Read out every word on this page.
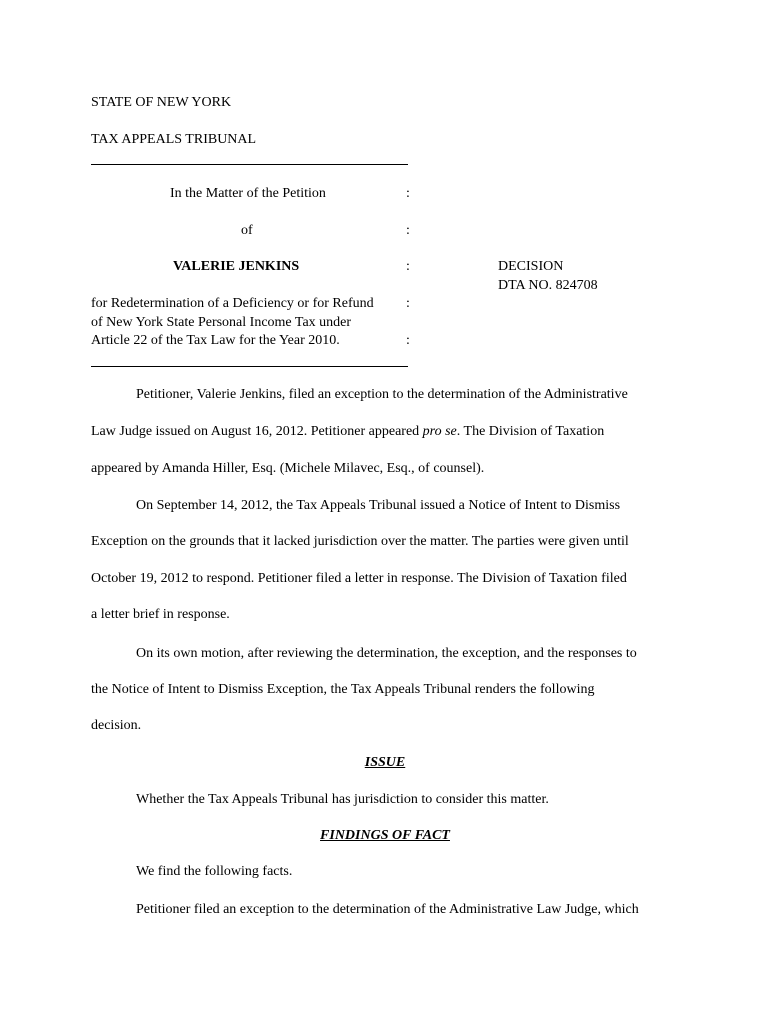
STATE OF NEW YORK
TAX APPEALS TRIBUNAL
In the Matter of the Petition	:
of	:
VALERIE JENKINS	:	DECISION
DTA NO. 824708
for Redetermination of a Deficiency or for Refund :
of New York State Personal Income Tax under
Article 22 of the Tax Law for the Year 2010.	:
Petitioner, Valerie Jenkins, filed an exception to the determination of the Administrative
Law Judge issued on August 16, 2012. Petitioner appeared pro se. The Division of Taxation
appeared by Amanda Hiller, Esq. (Michele Milavec, Esq., of counsel).
On September 14, 2012, the Tax Appeals Tribunal issued a Notice of Intent to Dismiss
Exception on the grounds that it lacked jurisdiction over the matter. The parties were given until
October 19, 2012 to respond. Petitioner filed a letter in response. The Division of Taxation filed
a letter brief in response.
On its own motion, after reviewing the determination, the exception, and the responses to
the Notice of Intent to Dismiss Exception, the Tax Appeals Tribunal renders the following
decision.
ISSUE
Whether the Tax Appeals Tribunal has jurisdiction to consider this matter.
FINDINGS OF FACT
We find the following facts.
Petitioner filed an exception to the determination of the Administrative Law Judge, which
